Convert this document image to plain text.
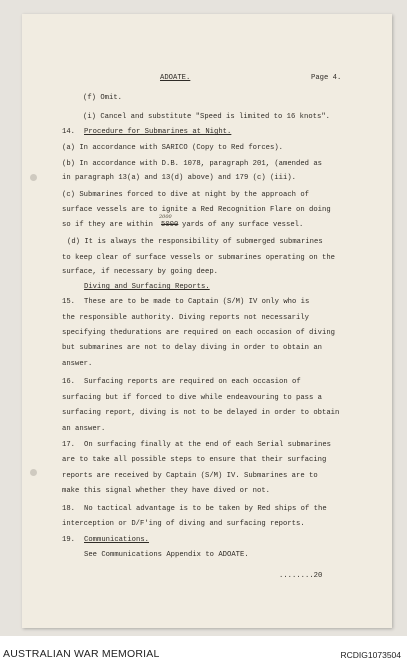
ADOATE.	Page 4.
(f) Omit.
(i) Cancel and substitute "Speed is limited to 16 knots".
14. Procedure for Submarines at Night.
(a) In accordance with SARICO (Copy to Red forces).
(b) In accordance with D.B. 1078, paragraph 201, (amended as
in paragraph 13(a) and 13(d) above) and 179 (c) (iii).
(c) Submarines forced to dive at night by the approach of
surface vessels are to ignite a Red Recognition Flare on doing
so if they are within
2000
5000 yards of any surface vessel.
(d) It is always the responsibility of submerged submarines
to keep clear of surface vessels or submarines operating on the
surface, if necessary by going deep.
Diving and Surfacing Reports.
15. These are to be made to Captain (S/M) IV only who is
the responsible authority. Diving reports not necessarily
specifying thedurations are required on each occasion of diving
but submarines are not to delay diving in order to obtain an
answer.
16. Surfacing reports are required on each occasion of
surfacing but if forced to dive while endeavouring to pass a
surfacing report, diving is not to be delayed in order to obtain
an answer.
17. On surfacing finally at the end of each Serial submarines
are to take all possible steps to ensure that their surfacing
reports are received by Captain (S/M) IV. Submarines are to
make this signal whether they have dived or not.
18. No tactical advantage is to be taken by Red ships of the
interception or D/F'ing of diving and surfacing reports.
19. Communications.
See Communications Appendix to ADOATE.
........20
AUSTRALIAN WAR MEMORIAL	RCDIG1073504
